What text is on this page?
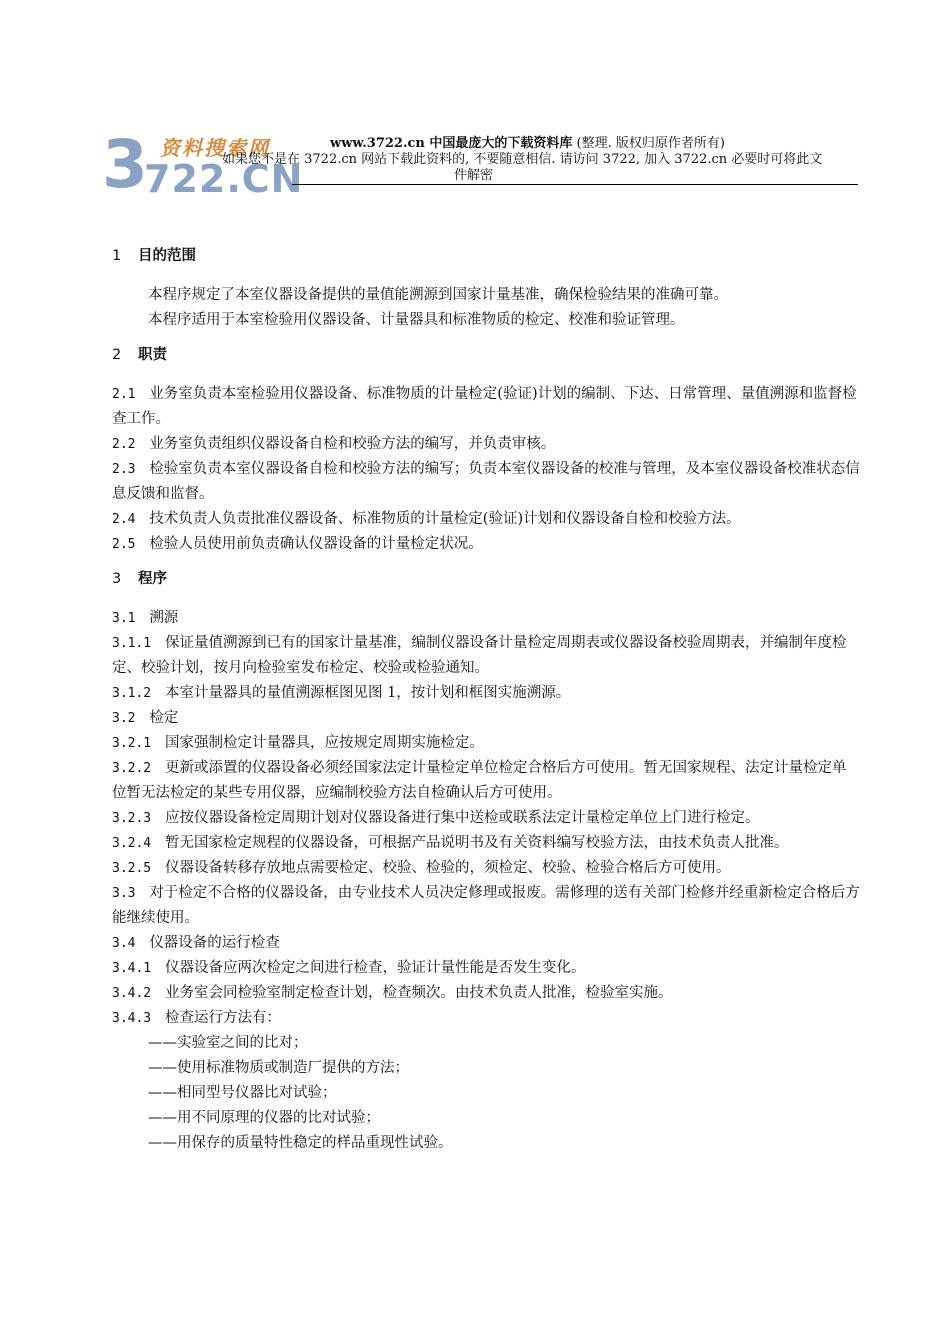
3
722.CN
资料搜索网	www.3722.cn 中国最庞大的下载资料库 (整理. 版权归原作者所有)
如果您不是在 3722.cn 网站下载此资料的, 不要随意相信. 请访问 3722, 加入 3722.cn 必要时可将此文
件解密

1 目的范围

本程序规定了本室仪器设备提供的量值能溯源到国家计量基准，确保检验结果的准确可靠。

本程序适用于本室检验用仪器设备、计量器具和标准物质的检定、校准和验证管理。

2 职责

2.1 业务室负责本室检验用仪器设备、标准物质的计量检定(验证)计划的编制、下达、日常管理、量值溯源和监督检查工作。

2.2 业务室负责组织仪器设备自检和校验方法的编写，并负责审核。

2.3 检验室负责本室仪器设备自检和校验方法的编写；负责本室仪器设备的校准与管理，及本室仪器设备校准状态信息反馈和监督。

2.4 技术负责人负责批准仪器设备、标准物质的计量检定(验证)计划和仪器设备自检和校验方法。

2.5 检验人员使用前负责确认仪器设备的计量检定状况。

3 程序

3.1 溯源

3.1.1 保证量值溯源到已有的国家计量基准，编制仪器设备计量检定周期表或仪器设备校验周期表，并编制年度检定、校验计划，按月向检验室发布检定、校验或检验通知。

3.1.2 本室计量器具的量值溯源框图见图 1，按计划和框图实施溯源。

3.2 检定

3.2.1 国家强制检定计量器具，应按规定周期实施检定。

3.2.2 更新或添置的仪器设备必须经国家法定计量检定单位检定合格后方可使用。暂无国家规程、法定计量检定单位暂无法检定的某些专用仪器，应编制校验方法自检确认后方可使用。

3.2.3 应按仪器设备检定周期计划对仪器设备进行集中送检或联系法定计量检定单位上门进行检定。

3.2.4 暂无国家检定规程的仪器设备，可根据产品说明书及有关资料编写校验方法，由技术负责人批准。

3.2.5 仪器设备转移存放地点需要检定、校验、检验的，须检定、校验、检验合格后方可使用。

3.3 对于检定不合格的仪器设备，由专业技术人员决定修理或报废。需修理的送有关部门检修并经重新检定合格后方能继续使用。

3.4 仪器设备的运行检查

3.4.1 仪器设备应两次检定之间进行检查，验证计量性能是否发生变化。

3.4.2 业务室会同检验室制定检查计划，检查频次。由技术负责人批准，检验室实施。

3.4.3 检查运行方法有：

——实验室之间的比对；

——使用标准物质或制造厂提供的方法；

——相同型号仪器比对试验；

——用不同原理的仪器的比对试验；

——用保存的质量特性稳定的样品重现性试验。
